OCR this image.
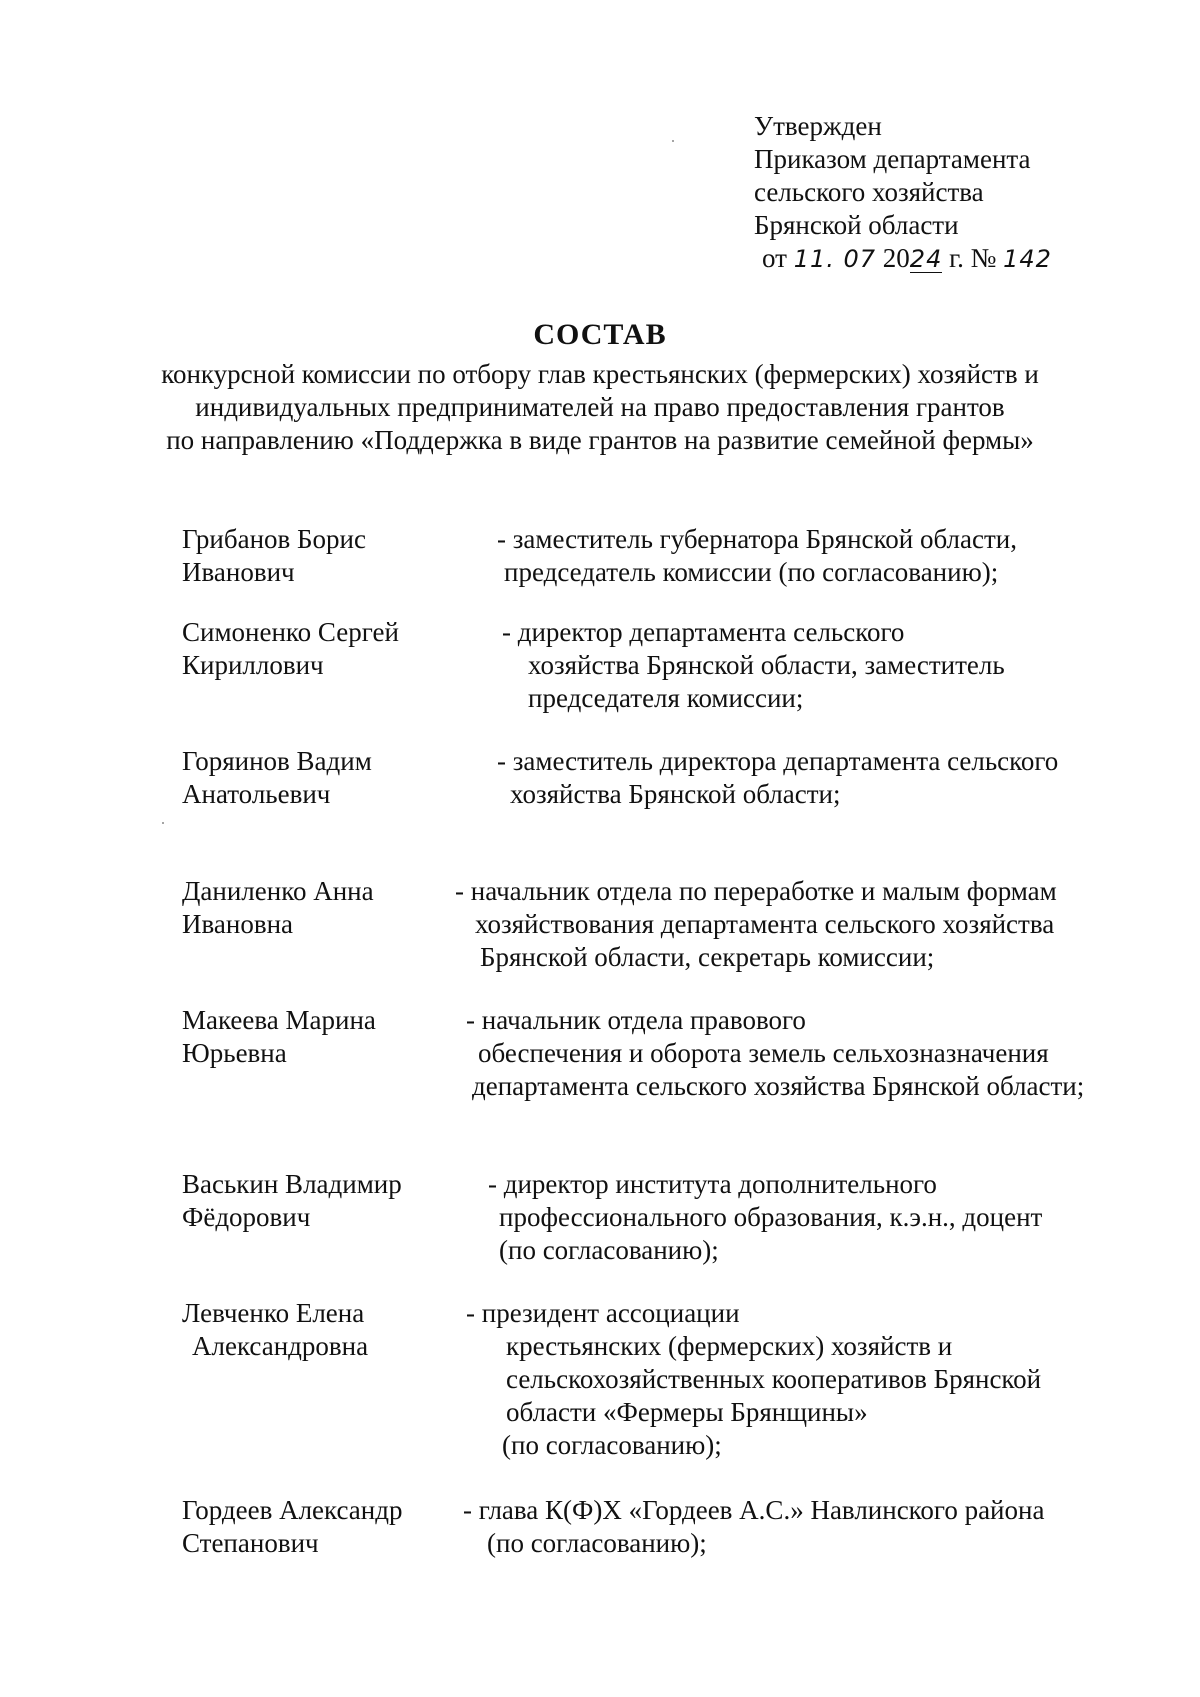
Утвержден
Приказом департамента
сельского хозяйства
Брянской области
от 11. 07 2024 г. № 142
СОСТАВ
конкурсной комиссии по отбору глав крестьянских (фермерских) хозяйств и
индивидуальных предпринимателей на право предоставления грантов
по направлению «Поддержка в виде грантов на развитие семейной фермы»
Грибанов Борис
Иванович
- заместитель губернатора Брянской области,
председатель комиссии (по согласованию);
Симоненко Сергей
Кириллович
- директор департамента сельского
хозяйства Брянской области, заместитель
председателя комиссии;
Горяинов Вадим
Анатольевич
- заместитель директора департамента сельского
хозяйства Брянской области;
Даниленко Анна
Ивановна
- начальник отдела по переработке и малым формам
хозяйствования департамента сельского хозяйства
Брянской области, секретарь комиссии;
Макеева Марина
Юрьевна
- начальник отдела правового
обеспечения и оборота земель сельхозназначения
департамента сельского хозяйства Брянской области;
Васькин Владимир
Фёдорович
- директор института дополнительного
профессионального образования, к.э.н., доцент
(по согласованию);
Левченко Елена
Александровна
- президент ассоциации
крестьянских (фермерских) хозяйств и
сельскохозяйственных кооперативов Брянской
области «Фермеры Брянщины»
(по согласованию);
Гордеев Александр
Степанович
- глава К(Ф)Х «Гордеев А.С.» Навлинского района
(по согласованию);
